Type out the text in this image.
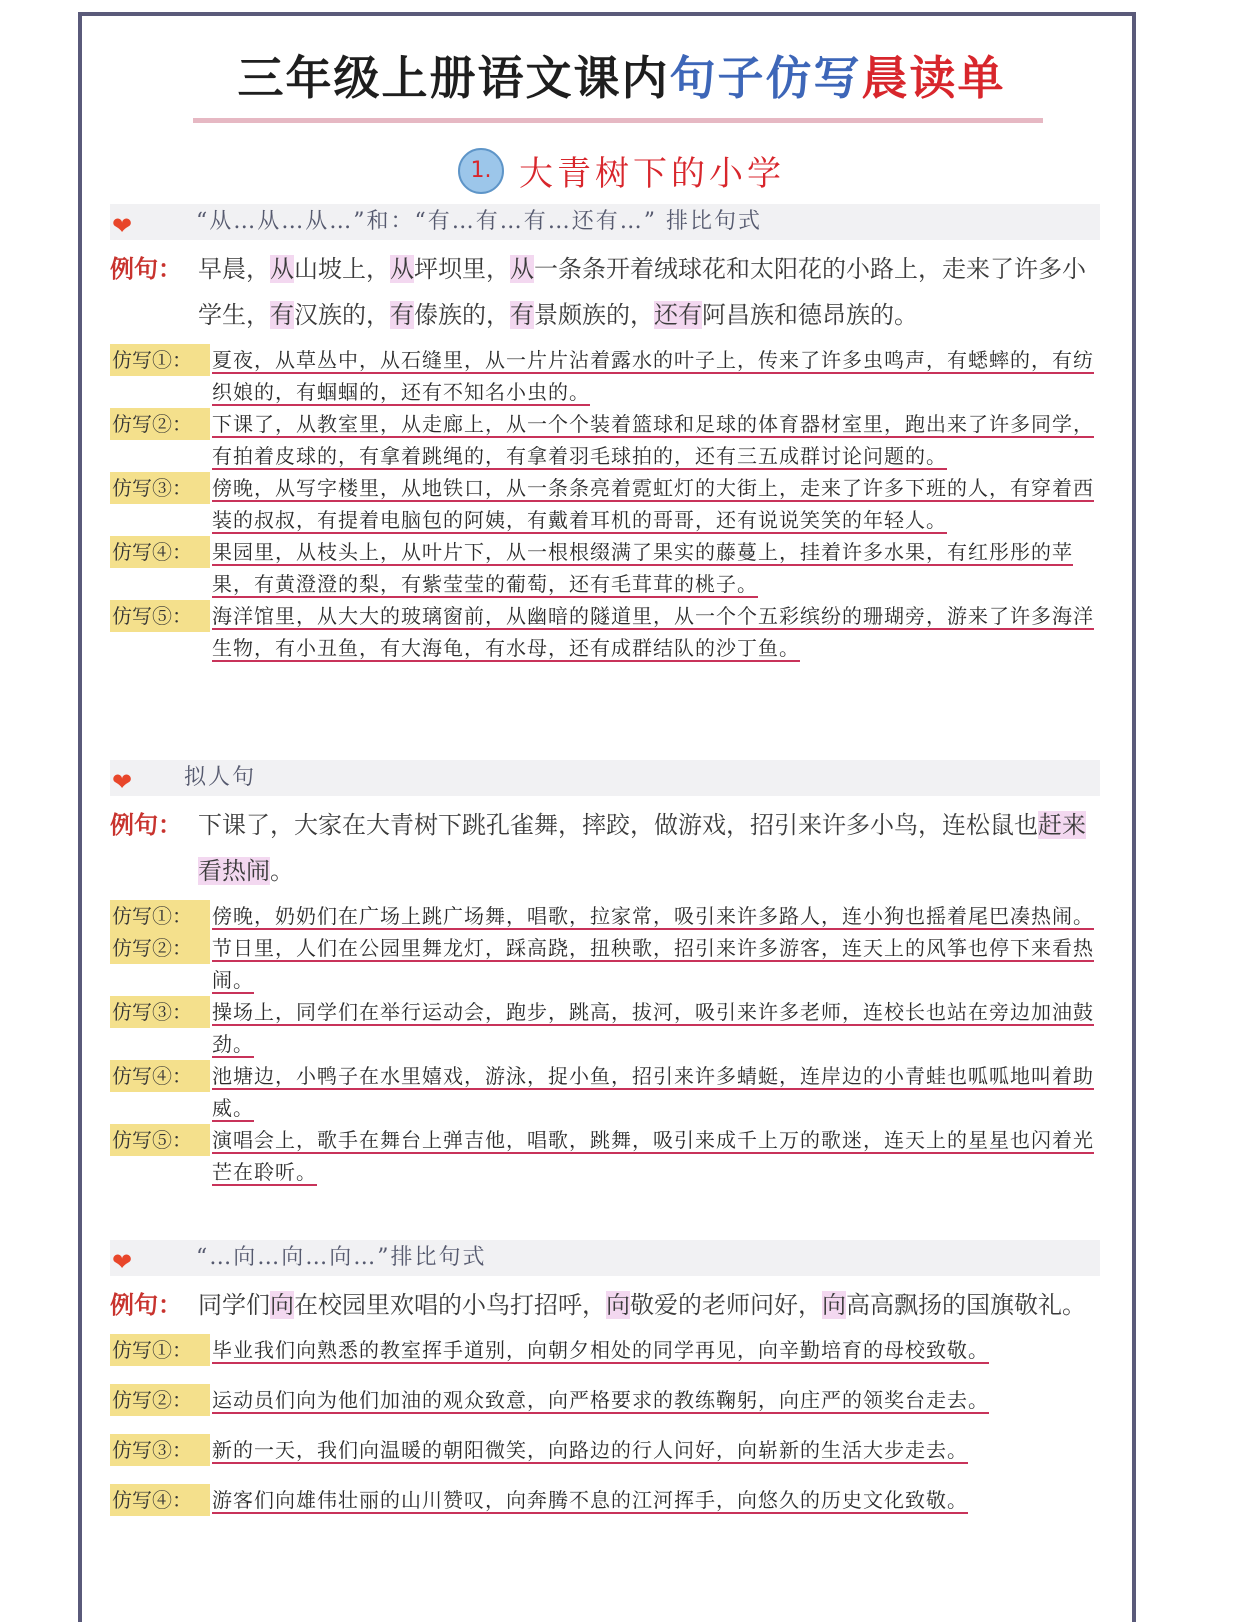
三年级上册语文课内句子仿写晨读单
1. 大青树下的小学
❤	“从…从…从…”和：“有…有…有…还有…” 排比句式
例句： 早晨，从山坡上，从坪坝里，从一条条开着绒球花和太阳花的小路上，走来了许多小学生，有汉族的，有傣族的，有景颇族的，还有阿昌族和德昂族的。
仿写①：	夏夜，从草丛中，从石缝里，从一片片沾着露水的叶子上，传来了许多虫鸣声，有蟋蟀的，有纺织娘的，有蝈蝈的，还有不知名小虫的。
仿写②：	下课了，从教室里，从走廊上，从一个个装着篮球和足球的体育器材室里，跑出来了许多同学，有拍着皮球的，有拿着跳绳的，有拿着羽毛球拍的，还有三五成群讨论问题的。
仿写③：	傍晚，从写字楼里，从地铁口，从一条条亮着霓虹灯的大街上，走来了许多下班的人，有穿着西装的叔叔，有提着电脑包的阿姨，有戴着耳机的哥哥，还有说说笑笑的年轻人。
仿写④：	果园里，从枝头上，从叶片下，从一根根缀满了果实的藤蔓上，挂着许多水果，有红彤彤的苹果，有黄澄澄的梨，有紫莹莹的葡萄，还有毛茸茸的桃子。
仿写⑤：	海洋馆里，从大大的玻璃窗前，从幽暗的隧道里，从一个个五彩缤纷的珊瑚旁，游来了许多海洋生物，有小丑鱼，有大海龟，有水母，还有成群结队的沙丁鱼。
❤ 拟人句
例句： 下课了，大家在大青树下跳孔雀舞，摔跤，做游戏，招引来许多小鸟，连松鼠也赶来看热闹。
仿写①：	傍晚，奶奶们在广场上跳广场舞，唱歌，拉家常，吸引来许多路人，连小狗也摇着尾巴凑热闹。
仿写②：	节日里，人们在公园里舞龙灯，踩高跷，扭秧歌，招引来许多游客，连天上的风筝也停下来看热闹。
仿写③：	操场上，同学们在举行运动会，跑步，跳高，拔河，吸引来许多老师，连校长也站在旁边加油鼓劲。
仿写④：	池塘边，小鸭子在水里嬉戏，游泳，捉小鱼，招引来许多蜻蜓，连岸边的小青蛙也呱呱地叫着助威。
仿写⑤：	演唱会上，歌手在舞台上弹吉他，唱歌，跳舞，吸引来成千上万的歌迷，连天上的星星也闪着光芒在聆听。
❤	“…向…向…向…”排比句式
例句： 同学们向在校园里欢唱的小鸟打招呼，向敬爱的老师问好，向高高飘扬的国旗敬礼。
仿写①：	毕业我们向熟悉的教室挥手道别，向朝夕相处的同学再见，向辛勤培育的母校致敬。
仿写②：	运动员们向为他们加油的观众致意，向严格要求的教练鞠躬，向庄严的领奖台走去。
仿写③：	新的一天，我们向温暖的朝阳微笑，向路边的行人问好，向崭新的生活大步走去。
仿写④：	游客们向雄伟壮丽的山川赞叹，向奔腾不息的江河挥手，向悠久的历史文化致敬。
